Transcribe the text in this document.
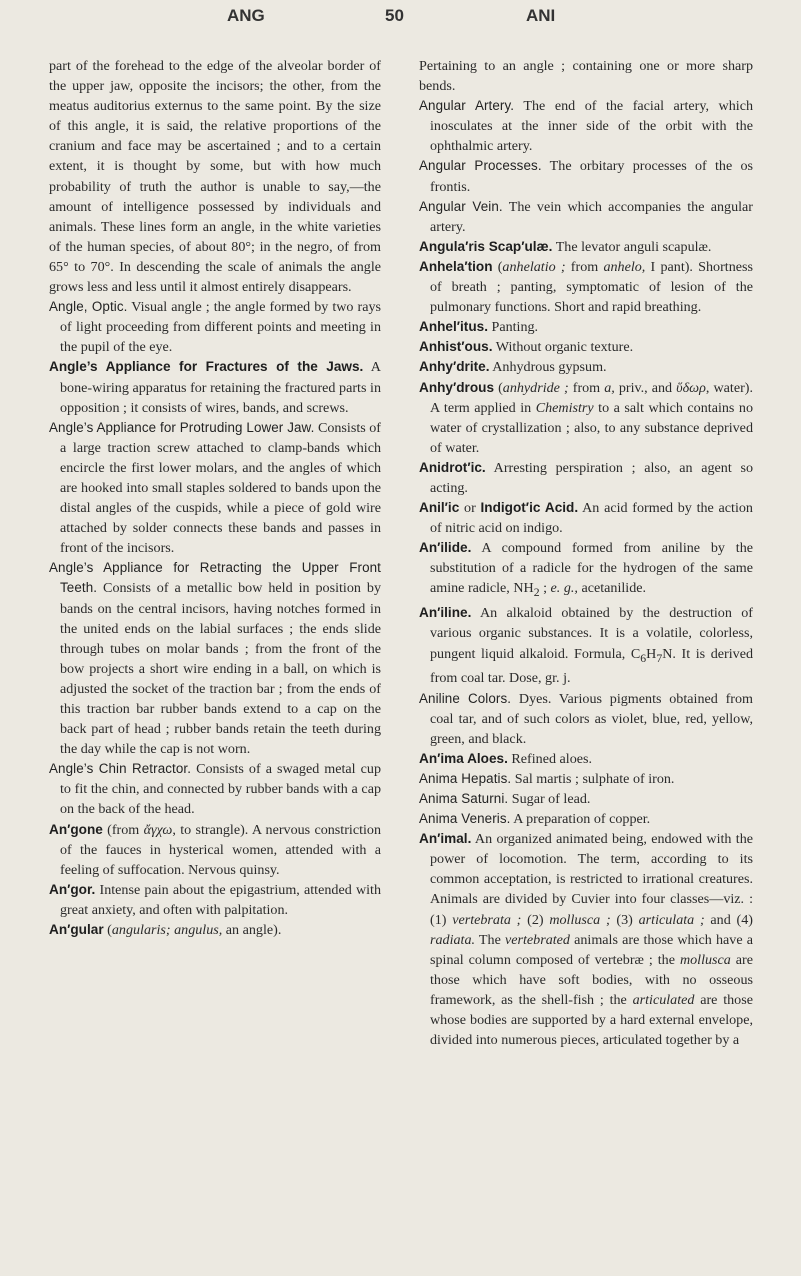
ANG	50	ANI

part of the forehead to the edge of the alveolar border of the upper jaw, opposite the incisors; the other, from the meatus auditorius externus to the same point. By the size of this angle, it is said, the relative proportions of the cranium and face may be ascertained ; and to a certain extent, it is thought by some, but with how much probability of truth the author is unable to say,—the amount of intelligence possessed by individuals and animals. These lines form an angle, in the white varieties of the human species, of about 80°; in the negro, of from 65° to 70°. In descending the scale of animals the angle grows less and less until it almost entirely disappears.

Angle, Optic. Visual angle ; the angle formed by two rays of light proceeding from different points and meeting in the pupil of the eye.

Angle’s Appliance for Fractures of the Jaws. A bone-wiring apparatus for retaining the fractured parts in opposition ; it consists of wires, bands, and screws.

Angle’s Appliance for Protruding Lower Jaw. Consists of a large traction screw attached to clamp-bands which encircle the first lower molars, and the angles of which are hooked into small staples soldered to bands upon the distal angles of the cuspids, while a piece of gold wire attached by solder connects these bands and passes in front of the incisors.

Angle’s Appliance for Retracting the Upper Front Teeth. Consists of a metallic bow held in position by bands on the central incisors, having notches formed in the united ends on the labial surfaces ; the ends slide through tubes on molar bands ; from the front of the bow projects a short wire ending in a ball, on which is adjusted the socket of the traction bar ; from the ends of this traction bar rubber bands extend to a cap on the back part of head ; rubber bands retain the teeth during the day while the cap is not worn.

Angle’s Chin Retractor. Consists of a swaged metal cup to fit the chin, and connected by rubber bands with a cap on the back of the head.

An′gone (from ἄγχω, to strangle). A nervous constriction of the fauces in hysterical women, attended with a feeling of suffocation. Nervous quinsy.

An′gor. Intense pain about the epigastrium, attended with great anxiety, and often with palpitation.

An′gular (angularis; angulus, an angle).

Pertaining to an angle ; containing one or more sharp bends.

Angular Artery. The end of the facial artery, which inosculates at the inner side of the orbit with the ophthalmic artery.

Angular Processes. The orbitary processes of the os frontis.

Angular Vein. The vein which accompanies the angular artery.

Angula′ris Scap′ulæ. The levator anguli scapulæ.

Anhela′tion (anhelatio ; from anhelo, I pant). Shortness of breath ; panting, symptomatic of lesion of the pulmonary functions. Short and rapid breathing.

Anhel′itus. Panting.

Anhist′ous. Without organic texture.

Anhy′drite. Anhydrous gypsum.

Anhy′drous (anhydride ; from a, priv., and ὕδωρ, water). A term applied in Chemistry to a salt which contains no water of crystallization ; also, to any substance deprived of water.

Anidrot′ic. Arresting perspiration ; also, an agent so acting.

Anil′ic or Indigot′ic Acid. An acid formed by the action of nitric acid on indigo.

An′ilide. A compound formed from aniline by the substitution of a radicle for the hydrogen of the same amine radicle, $NH_2$ ; e. g., acetanilide.

An′iline. An alkaloid obtained by the destruction of various organic substances. It is a volatile, colorless, pungent liquid alkaloid. Formula, $C_6H_7N$. It is derived from coal tar. Dose, gr. j.

Aniline Colors. Dyes. Various pigments obtained from coal tar, and of such colors as violet, blue, red, yellow, green, and black.

An′ima Aloes. Refined aloes.

Anima Hepatis. Sal martis ; sulphate of iron.

Anima Saturni. Sugar of lead.

Anima Veneris. A preparation of copper.

An′imal. An organized animated being, endowed with the power of locomotion. The term, according to its common acceptation, is restricted to irrational creatures. Animals are divided by Cuvier into four classes—viz. : (1) vertebrata ; (2) mollusca ; (3) articulata ; and (4) radiata. The vertebrated animals are those which have a spinal column composed of vertebræ ; the mollusca are those which have soft bodies, with no osseous framework, as the shell-fish ; the articulated are those whose bodies are supported by a hard external envelope, divided into numerous pieces, articulated together by a
